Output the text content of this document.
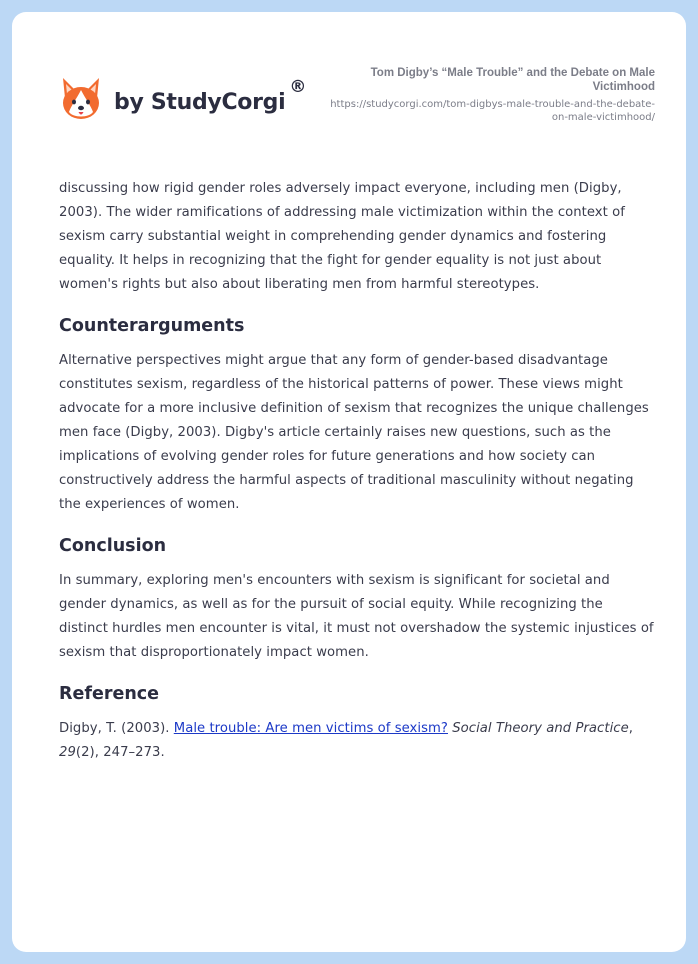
by StudyCorgi
®
Tom Digby’s “Male Trouble” and the Debate on Male Victimhood
https://studycorgi.com/tom-digbys-male-trouble-and-the-debate-on-male-victimhood/

discussing how rigid gender roles adversely impact everyone, including men (Digby, 2003). The wider ramifications of addressing male victimization within the context of sexism carry substantial weight in comprehending gender dynamics and fostering equality. It helps in recognizing that the fight for gender equality is not just about women's rights but also about liberating men from harmful stereotypes.

Counterarguments

Alternative perspectives might argue that any form of gender-based disadvantage constitutes sexism, regardless of the historical patterns of power. These views might advocate for a more inclusive definition of sexism that recognizes the unique challenges men face (Digby, 2003). Digby's article certainly raises new questions, such as the implications of evolving gender roles for future generations and how society can constructively address the harmful aspects of traditional masculinity without negating the experiences of women.

Conclusion

In summary, exploring men's encounters with sexism is significant for societal and gender dynamics, as well as for the pursuit of social equity. While recognizing the distinct hurdles men encounter is vital, it must not overshadow the systemic injustices of sexism that disproportionately impact women.

Reference

Digby, T. (2003). Male trouble: Are men victims of sexism? Social Theory and Practice, 29(2), 247–273.
